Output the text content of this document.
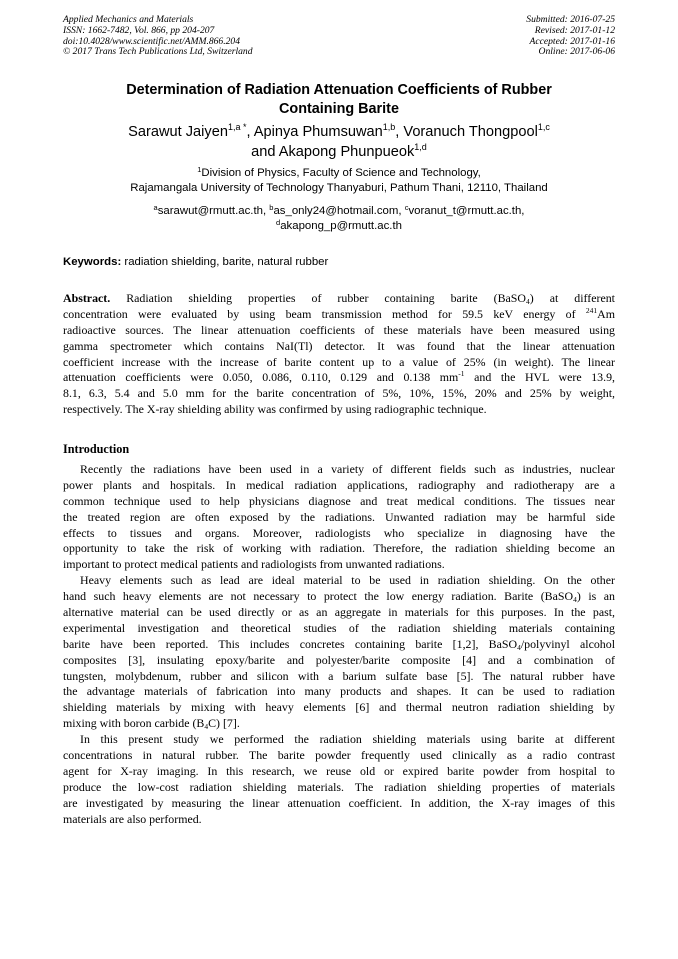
Applied Mechanics and Materials
ISSN: 1662-7482, Vol. 866, pp 204-207
doi:10.4028/www.scientific.net/AMM.866.204
© 2017 Trans Tech Publications Ltd, Switzerland
Submitted: 2016-07-25
Revised: 2017-01-12
Accepted: 2017-01-16
Online: 2017-06-06
Determination of Radiation Attenuation Coefficients of Rubber
Containing Barite
Sarawut Jaiyen$^{1,a *}$, Apinya Phumsuwan$^{1,b}$, Voranuch Thongpool$^{1,c}$
and Akapong Phunpueok$^{1,d}$
$^1$Division of Physics, Faculty of Science and Technology,
Rajamangala University of Technology Thanyaburi, Pathum Thani, 12110, Thailand
$^a$sarawut@rmutt.ac.th, $^b$as_only24@hotmail.com, $^c$voranut_t@rmutt.ac.th,
$^d$akapong_p@rmutt.ac.th
Keywords: radiation shielding, barite, natural rubber
Abstract. Radiation shielding properties of rubber containing barite (BaSO$_4$) at different
concentration were evaluated by using beam transmission method for 59.5 keV energy of $^{241}$Am
radioactive sources. The linear attenuation coefficients of these materials have been measured using
gamma spectrometer which contains NaI(Tl) detector. It was found that the linear attenuation
coefficient increase with the increase of barite content up to a value of 25% (in weight). The linear
attenuation coefficients were 0.050, 0.086, 0.110, 0.129 and 0.138 $mm^{-1}$ and the HVL were 13.9,
8.1, 6.3, 5.4 and 5.0 mm for the barite concentration of 5%, 10%, 15%, 20% and 25% by weight,
respectively. The X-ray shielding ability was confirmed by using radiographic technique.
Introduction
Recently the radiations have been used in a variety of different fields such as industries, nuclear
power plants and hospitals. In medical radiation applications, radiography and radiotherapy are a
common technique used to help physicians diagnose and treat medical conditions. The tissues near
the treated region are often exposed by the radiations. Unwanted radiation may be harmful side
effects to tissues and organs. Moreover, radiologists who specialize in diagnosing have the
opportunity to take the risk of working with radiation. Therefore, the radiation shielding become an
important to protect medical patients and radiologists from unwanted radiations.
Heavy elements such as lead are ideal material to be used in radiation shielding. On the other
hand such heavy elements are not necessary to protect the low energy radiation. Barite (BaSO$_4$) is an
alternative material can be used directly or as an aggregate in materials for this purposes. In the past,
experimental investigation and theoretical studies of the radiation shielding materials containing
barite have been reported. This includes concretes containing barite [1,2], BaSO$_4$/polyvinyl alcohol
composites [3], insulating epoxy/barite and polyester/barite composite [4] and a combination of
tungsten, molybdenum, rubber and silicon with a barium sulfate base [5]. The natural rubber have
the advantage materials of fabrication into many products and shapes. It can be used to radiation
shielding materials by mixing with heavy elements [6] and thermal neutron radiation shielding by
mixing with boron carbide $(B_4C)$ [7].
In this present study we performed the radiation shielding materials using barite at different
concentrations in natural rubber. The barite powder frequently used clinically as a radio contrast
agent for X-ray imaging. In this research, we reuse old or expired barite powder from hospital to
produce the low-cost radiation shielding materials. The radiation shielding properties of materials
are investigated by measuring the linear attenuation coefficient. In addition, the X-ray images of this
materials are also performed.
